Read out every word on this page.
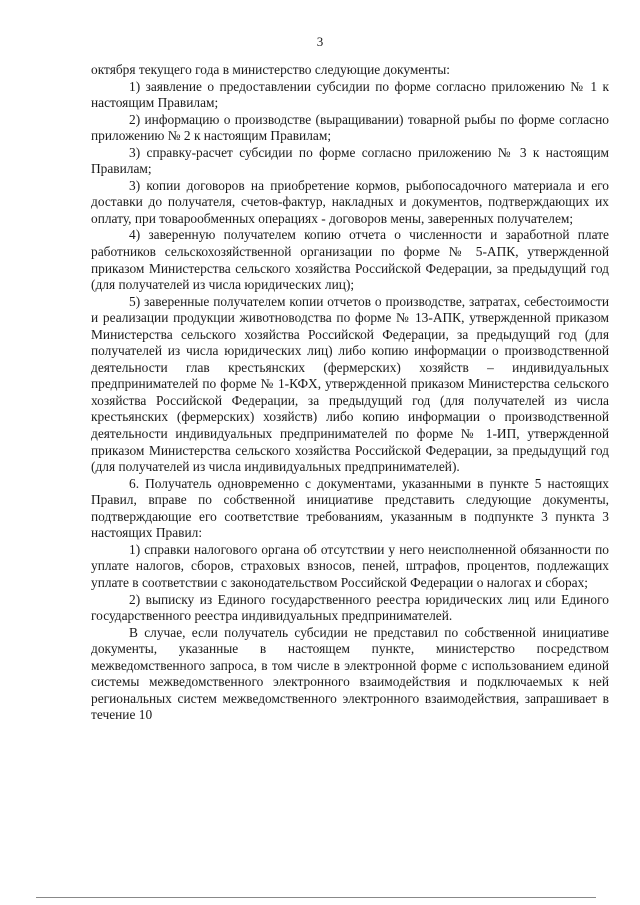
3

октября текущего года в министерство следующие документы:

1) заявление о предоставлении субсидии по форме согласно приложению № 1 к настоящим Правилам;

2) информацию о производстве (выращивании) товарной рыбы по форме согласно приложению № 2 к настоящим Правилам;

3) справку-расчет субсидии по форме согласно приложению № 3 к настоящим Правилам;

3) копии договоров на приобретение кормов, рыбопосадочного материала и его доставки до получателя, счетов-фактур, накладных и документов, подтверждающих их оплату, при товарообменных операциях - договоров мены, заверенных получателем;

4) заверенную получателем копию отчета о численности и заработной плате работников сельскохозяйственной организации по форме № 5-АПК, утвержденной приказом Министерства сельского хозяйства Российской Федерации, за предыдущий год (для получателей из числа юридических лиц);

5) заверенные получателем копии отчетов о производстве, затратах, себестоимости и реализации продукции животноводства по форме № 13-АПК, утвержденной приказом Министерства сельского хозяйства Российской Федерации, за предыдущий год (для получателей из числа юридических лиц) либо копию информации о производственной деятельности глав крестьянских (фермерских) хозяйств – индивидуальных предпринимателей по форме № 1-КФХ, утвержденной приказом Министерства сельского хозяйства Российской Федерации, за предыдущий год (для получателей из числа крестьянских (фермерских) хозяйств) либо копию информации о производственной деятельности индивидуальных предпринимателей по форме № 1-ИП, утвержденной приказом Министерства сельского хозяйства Российской Федерации, за предыдущий год (для получателей из числа индивидуальных предпринимателей).

6. Получатель одновременно с документами, указанными в пункте 5 настоящих Правил, вправе по собственной инициативе представить следующие документы, подтверждающие его соответствие требованиям, указанным в подпункте 3 пункта 3 настоящих Правил:

1) справки налогового органа об отсутствии у него неисполненной обязанности по уплате налогов, сборов, страховых взносов, пеней, штрафов, процентов, подлежащих уплате в соответствии с законодательством Российской Федерации о налогах и сборах;

2) выписку из Единого государственного реестра юридических лиц или Единого государственного реестра индивидуальных предпринимателей.

В случае, если получатель субсидии не представил по собственной инициативе документы, указанные в настоящем пункте, министерство посредством межведомственного запроса, в том числе в электронной форме с использованием единой системы межведомственного электронного взаимодействия и подключаемых к ней региональных систем межведомственного электронного взаимодействия, запрашивает в течение 10
